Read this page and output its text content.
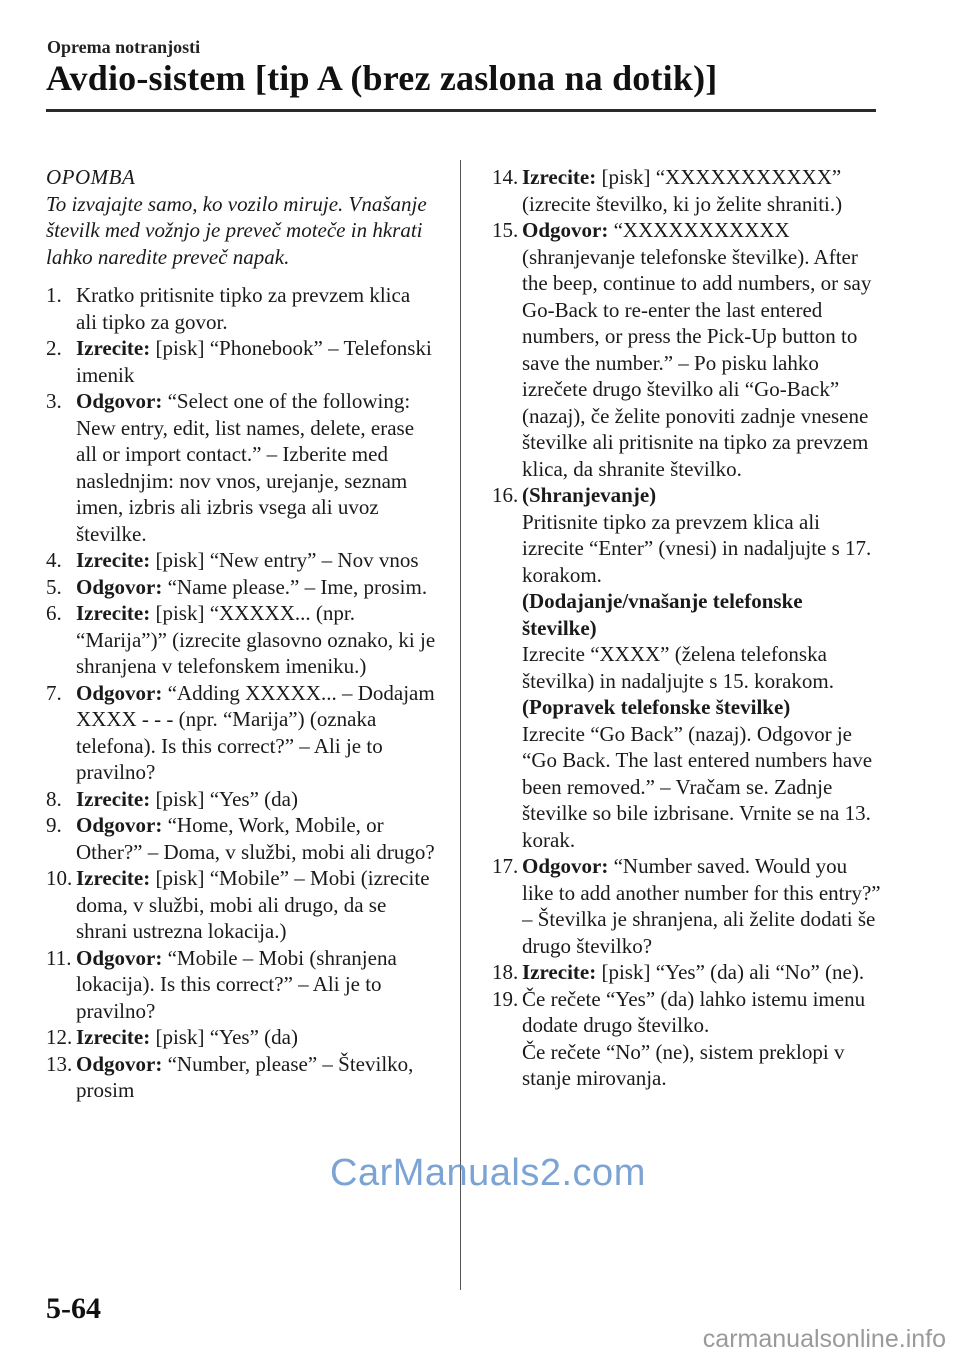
Oprema notranjosti
Avdio-sistem [tip A (brez zaslona na dotik)]
OPOMBA
To izvajajte samo, ko vozilo miruje. Vnašanje številk med vožnjo je preveč moteče in hkrati lahko naredite preveč napak.
1. Kratko pritisnite tipko za prevzem klica ali tipko za govor.
2. Izrecite: [pisk] “Phonebook” – Telefonski imenik
3. Odgovor: “Select one of the following: New entry, edit, list names, delete, erase all or import contact.” – Izberite med naslednjim: nov vnos, urejanje, seznam imen, izbris ali izbris vsega ali uvoz številke.
4. Izrecite: [pisk] “New entry” – Nov vnos
5. Odgovor: “Name please.” – Ime, prosim.
6. Izrecite: [pisk] “XXXXX... (npr. “Marija”)” (izrecite glasovno oznako, ki je shranjena v telefonskem imeniku.)
7. Odgovor: “Adding XXXXX... – Dodajam XXXX - - - (npr. “Marija”) (oznaka telefona). Is this correct?” – Ali je to pravilno?
8. Izrecite: [pisk] “Yes” (da)
9. Odgovor: “Home, Work, Mobile, or Other?” – Doma, v službi, mobi ali drugo?
10. Izrecite: [pisk] “Mobile” – Mobi (izrecite doma, v službi, mobi ali drugo, da se shrani ustrezna lokacija.)
11. Odgovor: “Mobile – Mobi (shranjena lokacija). Is this correct?” – Ali je to pravilno?
12. Izrecite: [pisk] “Yes” (da)
13. Odgovor: “Number, please” – Številko, prosim
14. Izrecite: [pisk] “XXXXXXXXXXX” (izrecite številko, ki jo želite shraniti.)
15. Odgovor: “XXXXXXXXXXX (shranjevanje telefonske številke). After the beep, continue to add numbers, or say Go-Back to re-enter the last entered numbers, or press the Pick-Up button to save the number.” – Po pisku lahko izrečete drugo številko ali “Go-Back” (nazaj), če želite ponoviti zadnje vnesene številke ali pritisnite na tipko za prevzem klica, da shranite številko.
16. (Shranjevanje)
Pritisnite tipko za prevzem klica ali izrecite “Enter” (vnesi) in nadaljujte s 17. korakom.
(Dodajanje/vnašanje telefonske številke)
Izrecite “XXXX” (želena telefonska številka) in nadaljujte s 15. korakom.
(Popravek telefonske številke)
Izrecite “Go Back” (nazaj). Odgovor je “Go Back. The last entered numbers have been removed.” – Vračam se. Zadnje številke so bile izbrisane. Vrnite se na 13. korak.
17. Odgovor: “Number saved. Would you like to add another number for this entry?” – Številka je shranjena, ali želite dodati še drugo številko?
18. Izrecite: [pisk] “Yes” (da) ali “No” (ne).
19. Če rečete “Yes” (da) lahko istemu imenu dodate drugo številko.
Če rečete “No” (ne), sistem preklopi v stanje mirovanja.
CarManuals2.com
5-64
carmanualsonline.info
